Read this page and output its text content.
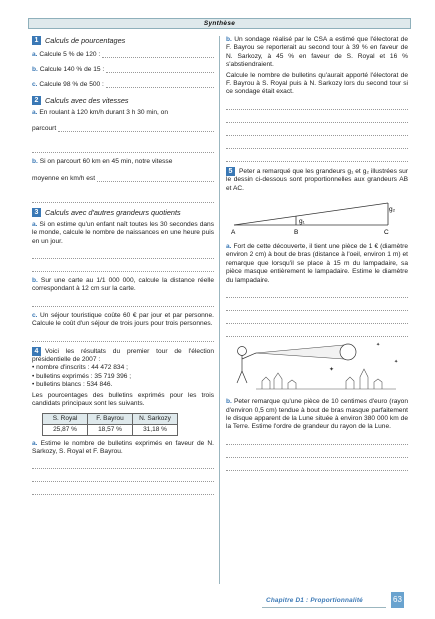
Synthèse
1 Calculs de pourcentages
a.
Calcule 5 % de 120 :
b.
Calcule 140 % de 15 :
c.
Calcule 98 % de 500 :
2 Calculs avec des vitesses
a. En roulant à 120 km/h durant 3 h 30 min, on
parcourt
b. Si on parcourt 60 km en 45 min, notre vitesse
moyenne en km/h est
3 Calculs avec d'autres grandeurs quotients
a. Si on estime qu'un enfant naît toutes les 30 secondes dans le monde, calcule le nombre de naissances en une heure puis en un jour.
b. Sur une carte au 1/1 000 000, calcule la distance réelle correspondant à 12 cm sur la carte.
c. Un séjour touristique coûte 60 € par jour et par personne. Calcule le coût d'un séjour de trois jours pour trois personnes.
4 Voici les résultats du premier tour de l'élection présidentielle de 2007 :
• nombre d'inscrits : 44 472 834 ;
• bulletins exprimés : 35 719 396 ;
• bulletins blancs : 534 846.
Les pourcentages des bulletins exprimés pour les trois candidats principaux sont les suivants.
S. Royal	F. Bayrou	N. Sarkozy
25,87 %	18,57 %	31,18 %
a. Estime le nombre de bulletins exprimés en faveur de N. Sarkozy, S. Royal et F. Bayrou.
b. Un sondage réalisé par le CSA a estimé que l'électorat de F. Bayrou se reporterait au second tour à 39 % en faveur de N. Sarkozy, à 45 % en faveur de S. Royal et 16 % s'abstiendraient.
Calcule le nombre de bulletins qu'aurait apporté l'électorat de F. Bayrou à S. Royal puis à N. Sarkozy lors du second tour si ce sondage était exact.
5 Peter a remarqué que les grandeurs g₁ et g₂ illustrées sur le dessin ci-dessous sont proportionnelles aux grandeurs AB et AC.
g₁
g₂
A	B	C
a. Fort de cette découverte, il tient une pièce de 1 € (diamètre environ 2 cm) à bout de bras (distance à l'oeil, environ 1 m) et remarque que lorsqu'il se place à 15 m du lampadaire, sa pièce masque entièrement le lampadaire. Estime le diamètre du lampadaire.
✦
✦
✦
b. Peter remarque qu'une pièce de 10 centimes d'euro (rayon d'environ 0,5 cm) tendue à bout de bras masque parfaitement le disque apparent de la Lune située à environ 380 000 km de la Terre. Estime l'ordre de grandeur du rayon de la Lune.
Chapitre D1 : Proportionnalité	63
